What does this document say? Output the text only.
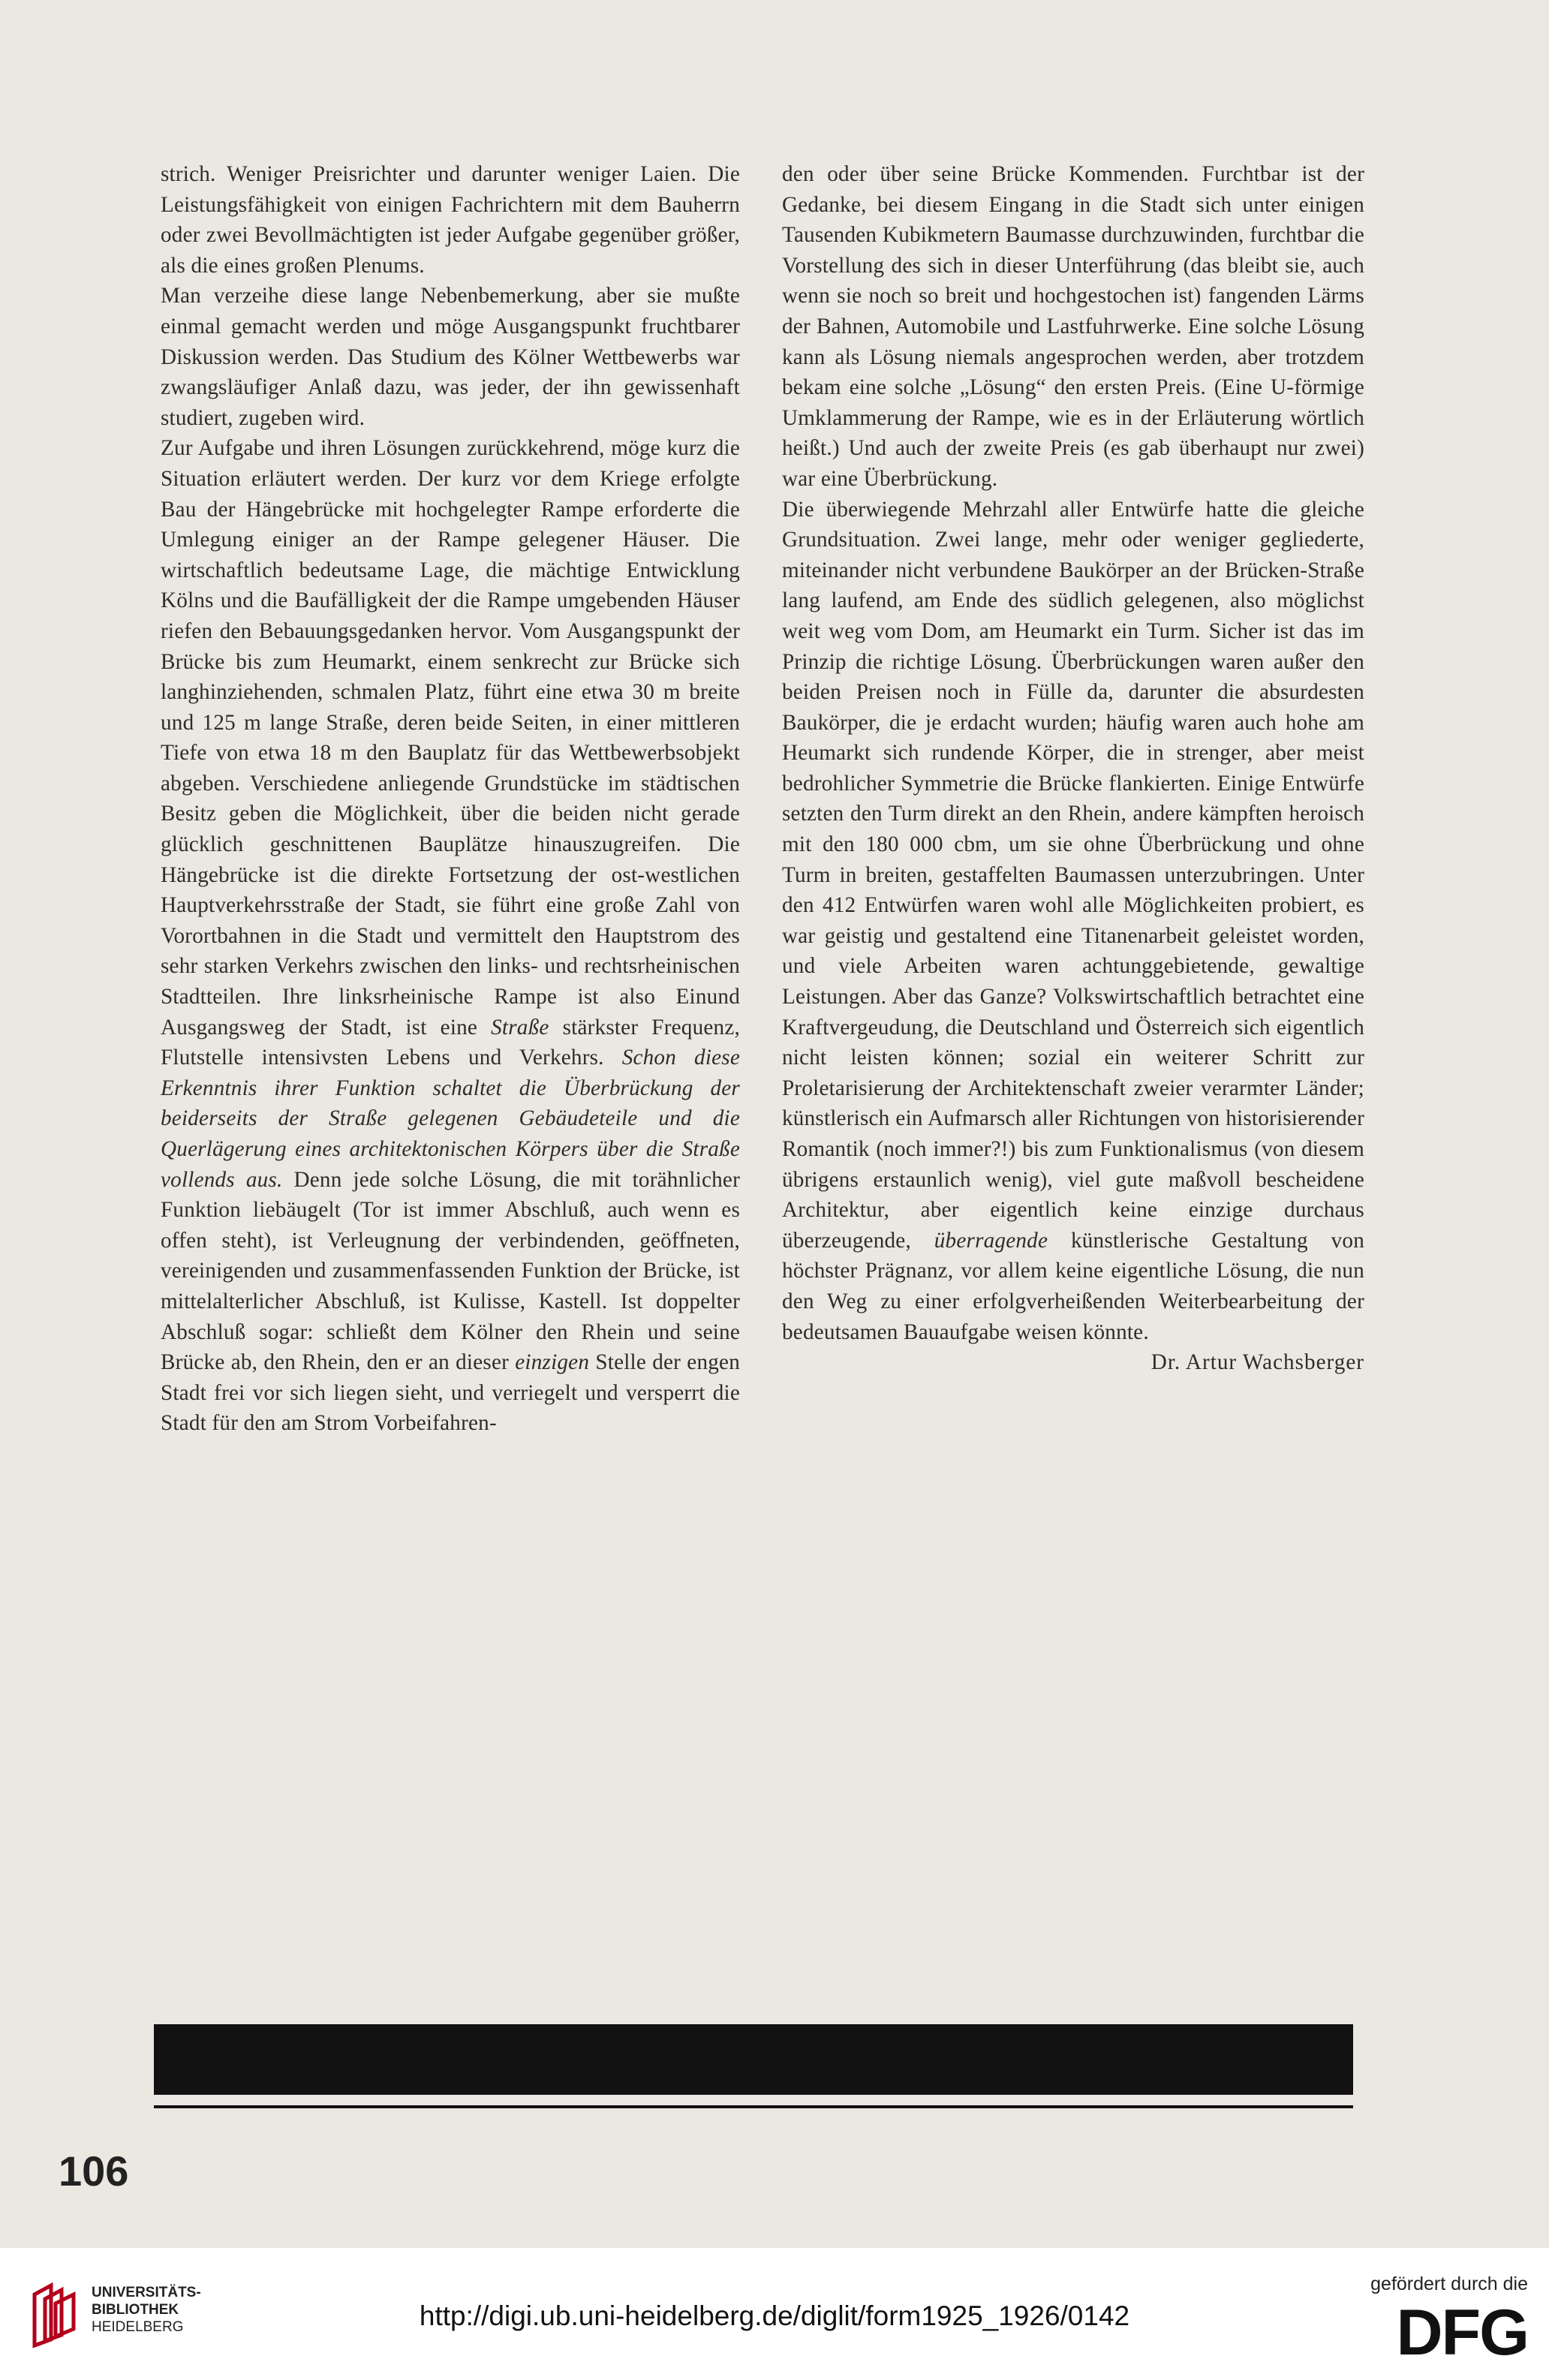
strich. Weniger Preisrichter und darunter weniger Laien. Die Leistungsfähigkeit von einigen Fachrichtern mit dem Bauherrn oder zwei Bevollmächtigten ist jeder Aufgabe gegenüber größer, als die eines großen Plenums.

Man verzeihe diese lange Nebenbemerkung, aber sie mußte einmal gemacht werden und möge Ausgangspunkt fruchtbarer Diskussion werden. Das Studium des Kölner Wettbewerbs war zwangsläufiger Anlaß dazu, was jeder, der ihn gewissenhaft studiert, zugeben wird.

Zur Aufgabe und ihren Lösungen zurückkehrend, möge kurz die Situation erläutert werden. Der kurz vor dem Kriege erfolgte Bau der Hängebrücke mit hochgelegter Rampe erforderte die Umlegung einiger an der Rampe gelegener Häuser. Die wirtschaftlich bedeutsame Lage, die mächtige Entwicklung Kölns und die Baufälligkeit der die Rampe umgebenden Häuser riefen den Bebauungsgedanken hervor. Vom Ausgangspunkt der Brücke bis zum Heumarkt, einem senkrecht zur Brücke sich langhinziehenden, schmalen Platz, führt eine etwa 30 m breite und 125 m lange Straße, deren beide Seiten, in einer mittleren Tiefe von etwa 18 m den Bauplatz für das Wettbewerbsobjekt abgeben. Verschiedene anliegende Grundstücke im städtischen Besitz geben die Möglichkeit, über die beiden nicht gerade glücklich geschnittenen Bauplätze hinauszugreifen. Die Hängebrücke ist die direkte Fortsetzung der ost-westlichen Hauptverkehrsstraße der Stadt, sie führt eine große Zahl von Vorortbahnen in die Stadt und vermittelt den Hauptstrom des sehr starken Verkehrs zwischen den links- und rechtsrheinischen Stadtteilen. Ihre linksrheinische Rampe ist also Einund Ausgangsweg der Stadt, ist eine Straße stärkster Frequenz, Flutstelle intensivsten Lebens und Verkehrs. Schon diese Erkenntnis ihrer Funktion schaltet die Überbrückung der beiderseits der Straße gelegenen Gebäudeteile und die Querlägerung eines architektonischen Körpers über die Straße vollends aus. Denn jede solche Lösung, die mit torähnlicher Funktion liebäugelt (Tor ist immer Abschluß, auch wenn es offen steht), ist Verleugnung der verbindenden, geöffneten, vereinigenden und zusammenfassenden Funktion der Brücke, ist mittelalterlicher Abschluß, ist Kulisse, Kastell. Ist doppelter Abschluß sogar: schließt dem Kölner den Rhein und seine Brücke ab, den Rhein, den er an dieser einzigen Stelle der engen Stadt frei vor sich liegen sieht, und verriegelt und versperrt die Stadt für den am Strom Vorbeifahren-

den oder über seine Brücke Kommenden. Furchtbar ist der Gedanke, bei diesem Eingang in die Stadt sich unter einigen Tausenden Kubikmetern Baumasse durchzuwinden, furchtbar die Vorstellung des sich in dieser Unterführung (das bleibt sie, auch wenn sie noch so breit und hochgestochen ist) fangenden Lärms der Bahnen, Automobile und Lastfuhrwerke. Eine solche Lösung kann als Lösung niemals angesprochen werden, aber trotzdem bekam eine solche „Lösung“ den ersten Preis. (Eine U-förmige Umklammerung der Rampe, wie es in der Erläuterung wörtlich heißt.) Und auch der zweite Preis (es gab überhaupt nur zwei) war eine Überbrückung.

Die überwiegende Mehrzahl aller Entwürfe hatte die gleiche Grundsituation. Zwei lange, mehr oder weniger gegliederte, miteinander nicht verbundene Baukörper an der Brücken-Straße lang laufend, am Ende des südlich gelegenen, also möglichst weit weg vom Dom, am Heumarkt ein Turm. Sicher ist das im Prinzip die richtige Lösung. Überbrückungen waren außer den beiden Preisen noch in Fülle da, darunter die absurdesten Baukörper, die je erdacht wurden; häufig waren auch hohe am Heumarkt sich rundende Körper, die in strenger, aber meist bedrohlicher Symmetrie die Brücke flankierten. Einige Entwürfe setzten den Turm direkt an den Rhein, andere kämpften heroisch mit den 180 000 cbm, um sie ohne Überbrückung und ohne Turm in breiten, gestaffelten Baumassen unterzubringen. Unter den 412 Entwürfen waren wohl alle Möglichkeiten probiert, es war geistig und gestaltend eine Titanenarbeit geleistet worden, und viele Arbeiten waren achtunggebietende, gewaltige Leistungen. Aber das Ganze? Volkswirtschaftlich betrachtet eine Kraftvergeudung, die Deutschland und Österreich sich eigentlich nicht leisten können; sozial ein weiterer Schritt zur Proletarisierung der Architektenschaft zweier verarmter Länder; künstlerisch ein Aufmarsch aller Richtungen von historisierender Romantik (noch immer?!) bis zum Funktionalismus (von diesem übrigens erstaunlich wenig), viel gute maßvoll bescheidene Architektur, aber eigentlich keine einzige durchaus überzeugende, überragende künstlerische Gestaltung von höchster Prägnanz, vor allem keine eigentliche Lösung, die nun den Weg zu einer erfolgverheißenden Weiterbearbeitung der bedeutsamen Bauaufgabe weisen könnte.

Dr. Artur Wachsberger

106
UNIVERSITÄTS-
BIBLIOTHEK
HEIDELBERG	http://digi.ub.uni-heidelberg.de/diglit/form1925_1926/0142
gefördert durch die
DFG
